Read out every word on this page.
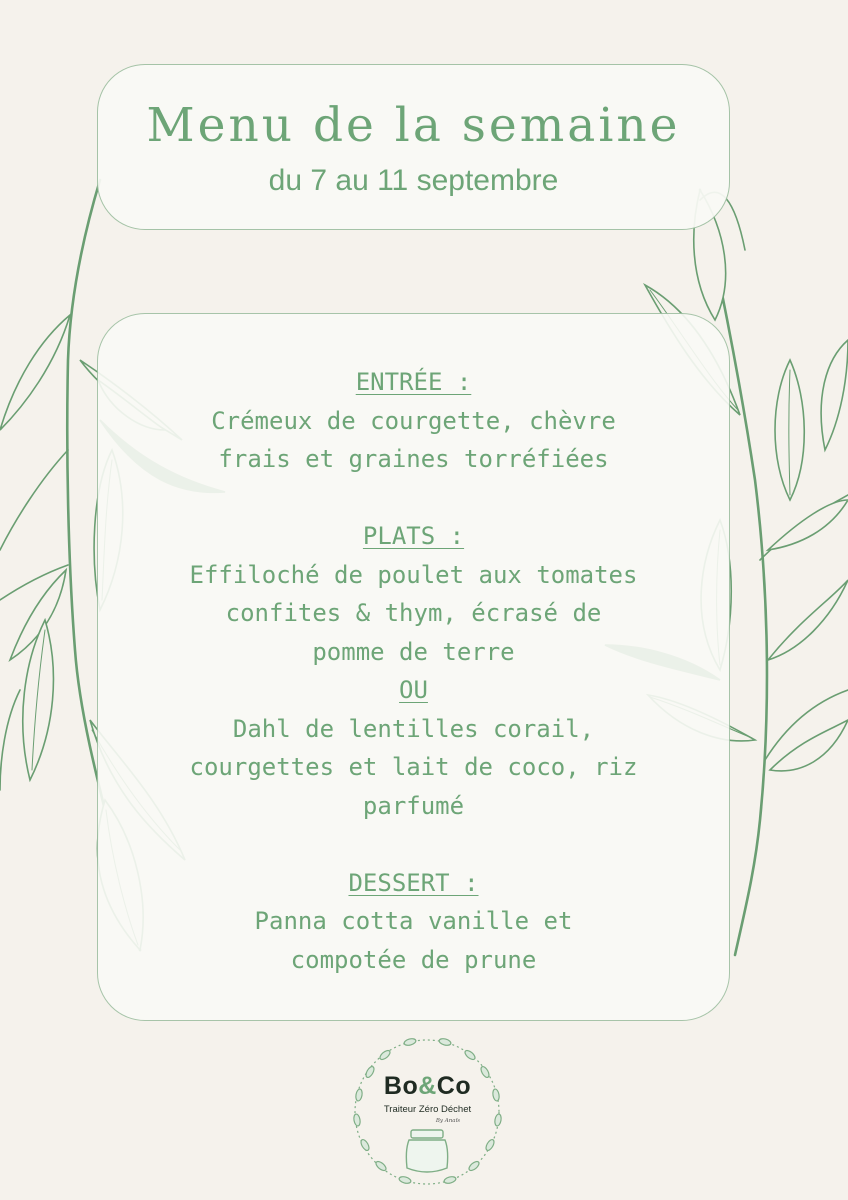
Menu de la semaine

du 7 au 11 septembre

ENTRÉE :

Crémeux de courgette, chèvre

frais et graines torréfiées

PLATS :

Effiloché de poulet aux tomates

confites & thym, écrasé de

pomme de terre

OU

Dahl de lentilles corail,

courgettes et lait de coco, riz

parfumé

DESSERT :

Panna cotta vanille et

compotée de prune

Bo&Co
Traiteur Zéro Déchet
By Anaïs
